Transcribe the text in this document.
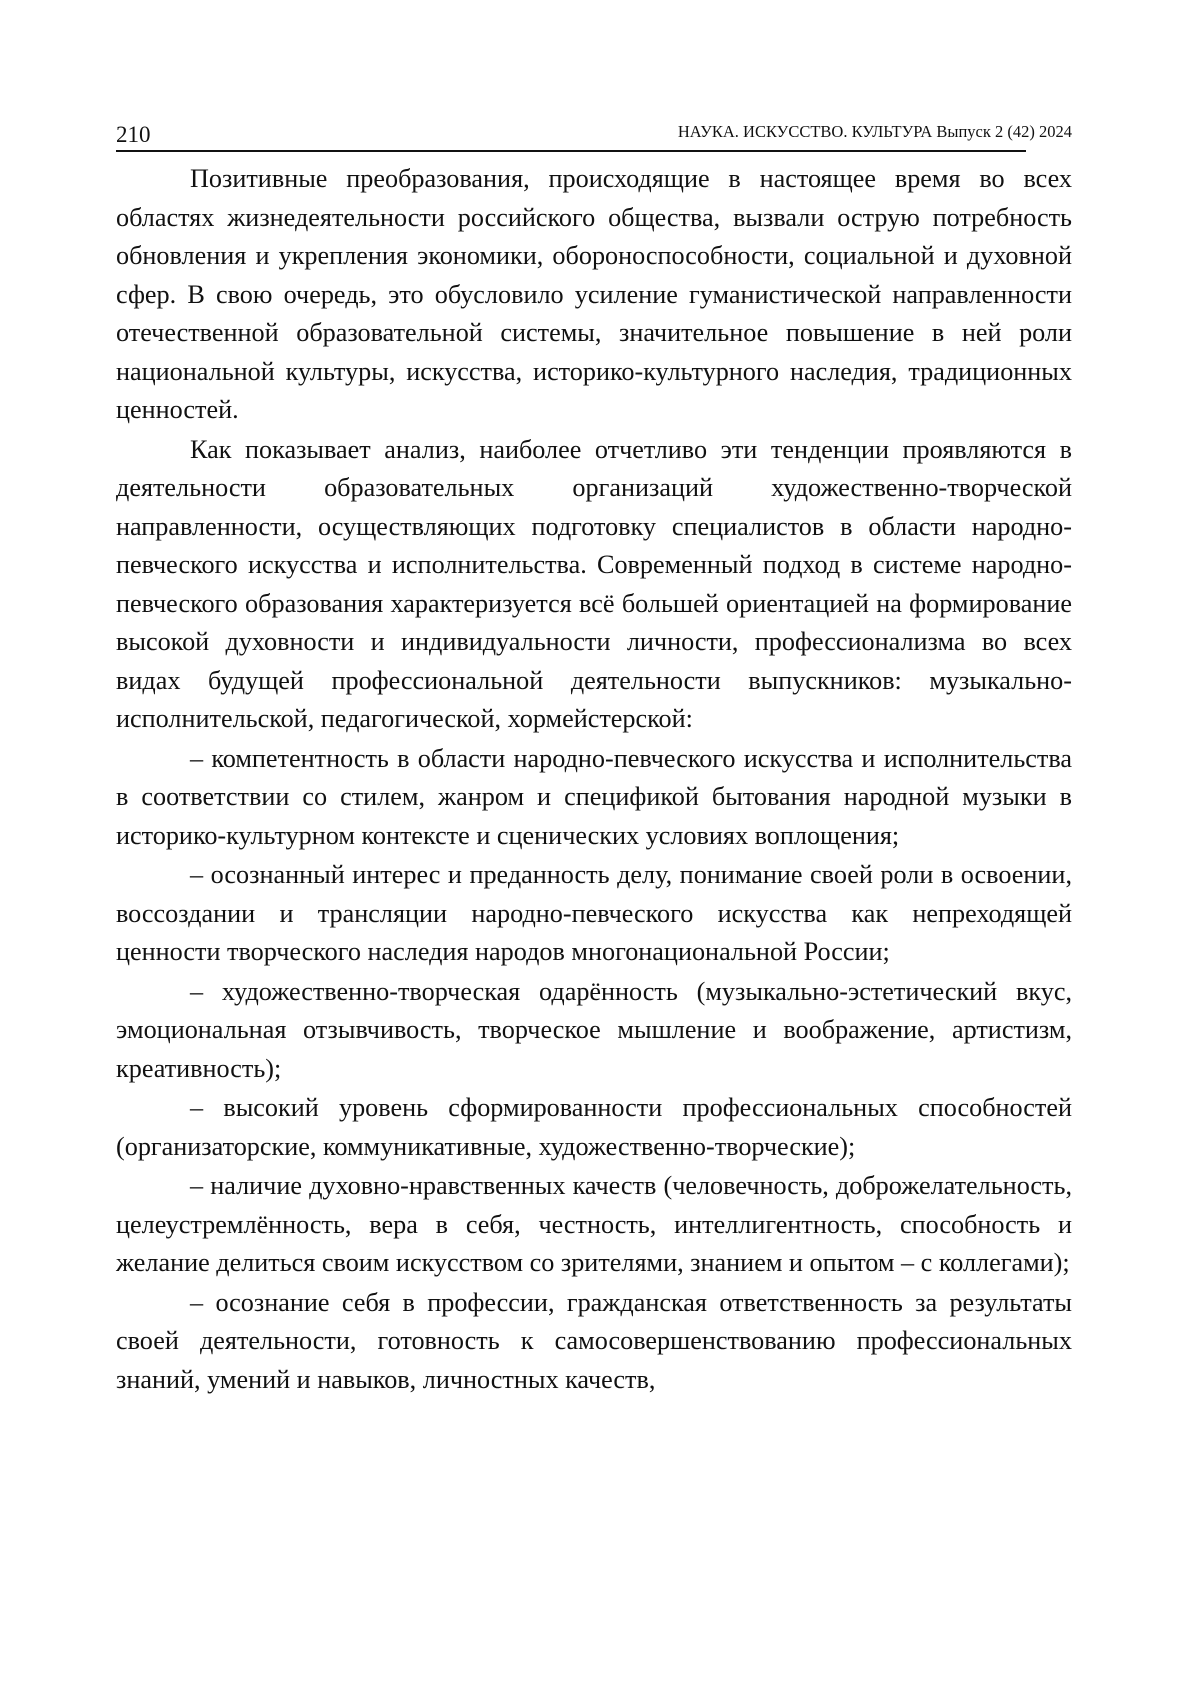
210	НАУКА. ИСКУССТВО. КУЛЬТУРА Выпуск 2 (42) 2024

Позитивные преобразования, происходящие в настоящее время во всех областях жизнедеятельности российского общества, вызвали острую потребность обновления и укрепления экономики, обороноспособности, социальной и духовной сфер. В свою очередь, это обусловило усиление гуманистической направленности отечественной образовательной системы, значительное повышение в ней роли национальной культуры, искусства, историко-культурного наследия, традиционных ценностей.

Как показывает анализ, наиболее отчетливо эти тенденции проявляются в деятельности образовательных организаций художественно-творческой направленности, осуществляющих подготовку специалистов в области народно-певческого искусства и исполнительства. Современный подход в системе народно-певческого образования характеризуется всё большей ориентацией на формирование высокой духовности и индивидуальности личности, профессионализма во всех видах будущей профессиональной деятельности выпускников: музыкально-исполнительской, педагогической, хормейстерской:

– компетентность в области народно-певческого искусства и исполнительства в соответствии со стилем, жанром и спецификой бытования народной музыки в историко-культурном контексте и сценических условиях воплощения;

– осознанный интерес и преданность делу, понимание своей роли в освоении, воссоздании и трансляции народно-певческого искусства как непреходящей ценности творческого наследия народов многонациональной России;

– художественно-творческая одарённость (музыкально-эстетический вкус, эмоциональная отзывчивость, творческое мышление и воображение, артистизм, креативность);

– высокий уровень сформированности профессиональных способностей (организаторские, коммуникативные, художественно-творческие);

– наличие духовно-нравственных качеств (человечность, доброжелательность, целеустремлённость, вера в себя, честность, интеллигентность, способность и желание делиться своим искусством со зрителями, знанием и опытом – с коллегами);

– осознание себя в профессии, гражданская ответственность за результаты своей деятельности, готовность к самосовершенствованию профессиональных знаний, умений и навыков, личностных качеств,
